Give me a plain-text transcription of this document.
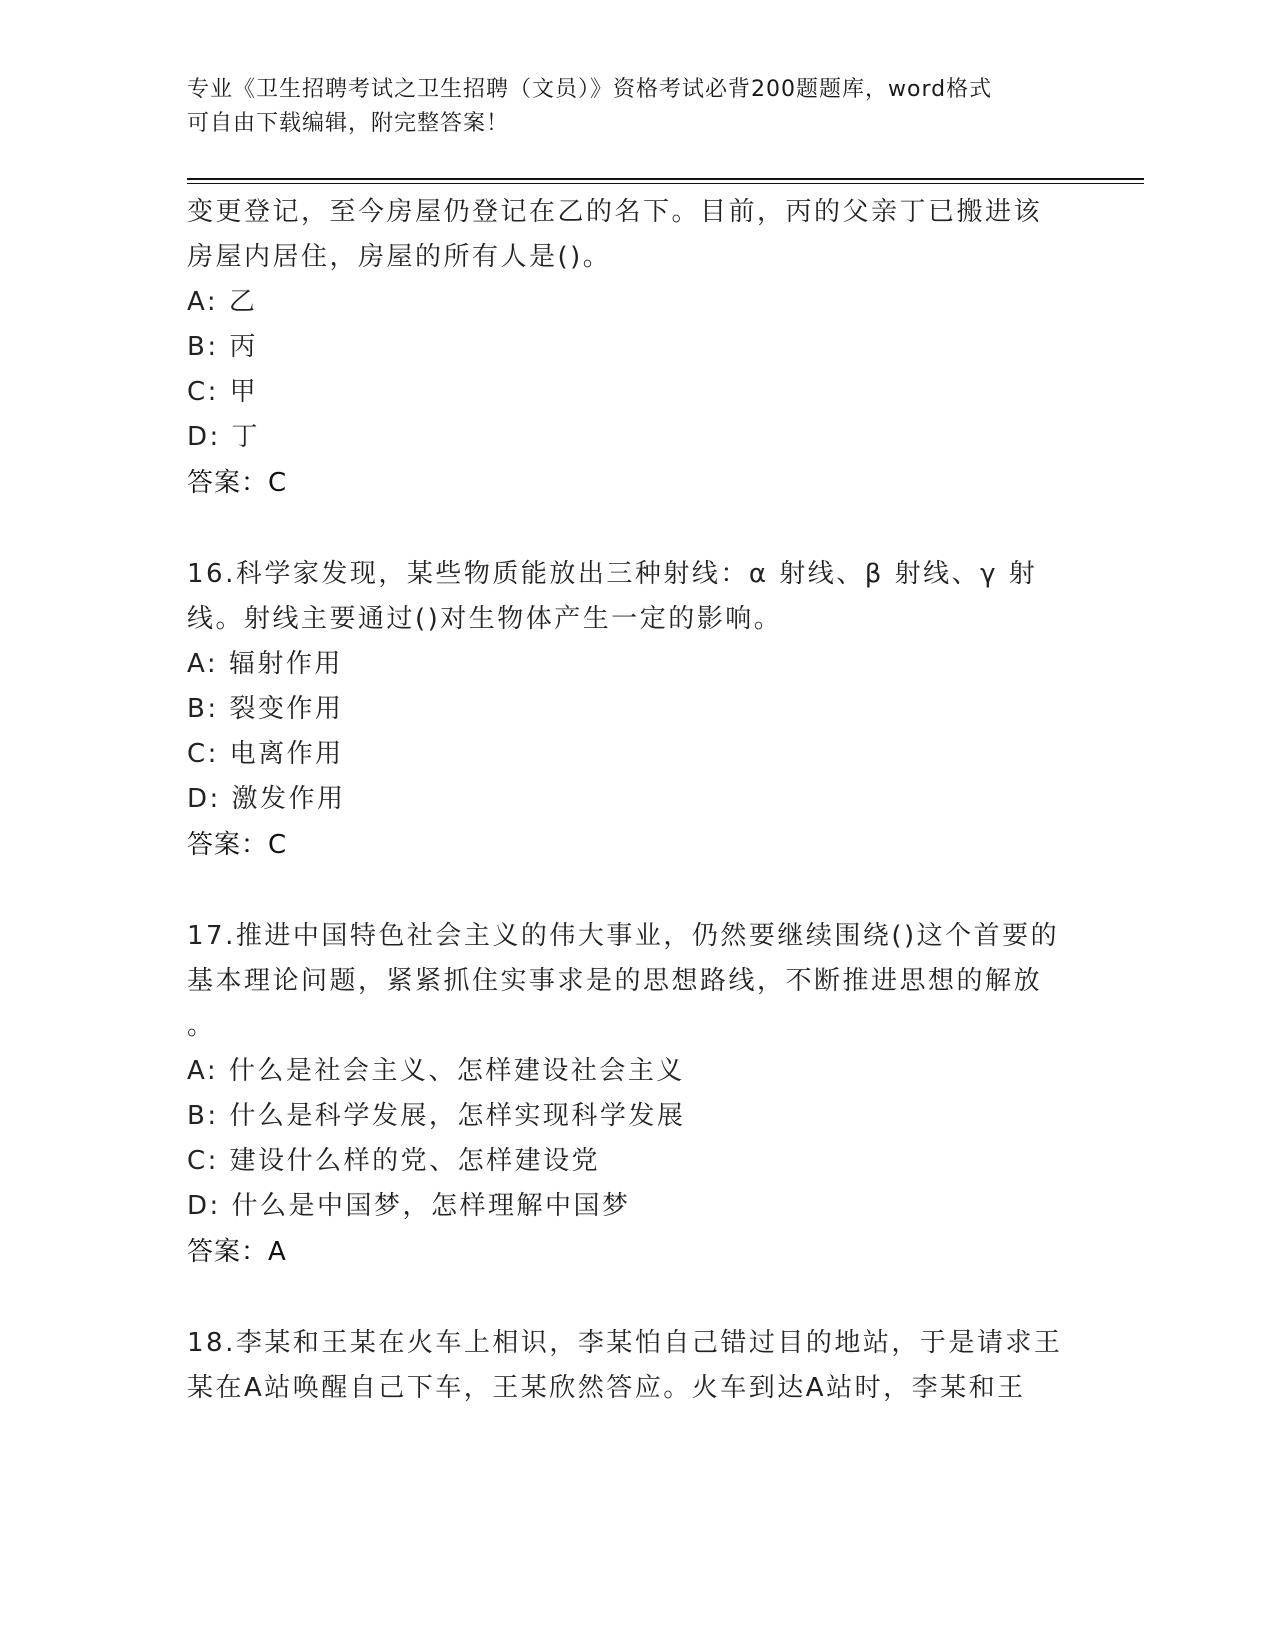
专业《卫生招聘考试之卫生招聘（文员）》资格考试必背200题题库，word格式
可自由下载编辑，附完整答案！

变更登记，至今房屋仍登记在乙的名下。目前，丙的父亲丁已搬进该

房屋内居住，房屋的所有人是()。

A: 乙

B: 丙

C: 甲

D: 丁

答案：C

16.科学家发现，某些物质能放出三种射线：α 射线、β 射线、γ 射

线。射线主要通过()对生物体产生一定的影响。

A: 辐射作用

B: 裂变作用

C: 电离作用

D: 激发作用

答案：C

17.推进中国特色社会主义的伟大事业，仍然要继续围绕()这个首要的

基本理论问题，紧紧抓住实事求是的思想路线，不断推进思想的解放

。

A: 什么是社会主义、怎样建设社会主义

B: 什么是科学发展，怎样实现科学发展

C: 建设什么样的党、怎样建设党

D: 什么是中国梦，怎样理解中国梦

答案：A

18.李某和王某在火车上相识，李某怕自己错过目的地站，于是请求王

某在A站唤醒自己下车，王某欣然答应。火车到达A站时，李某和王
